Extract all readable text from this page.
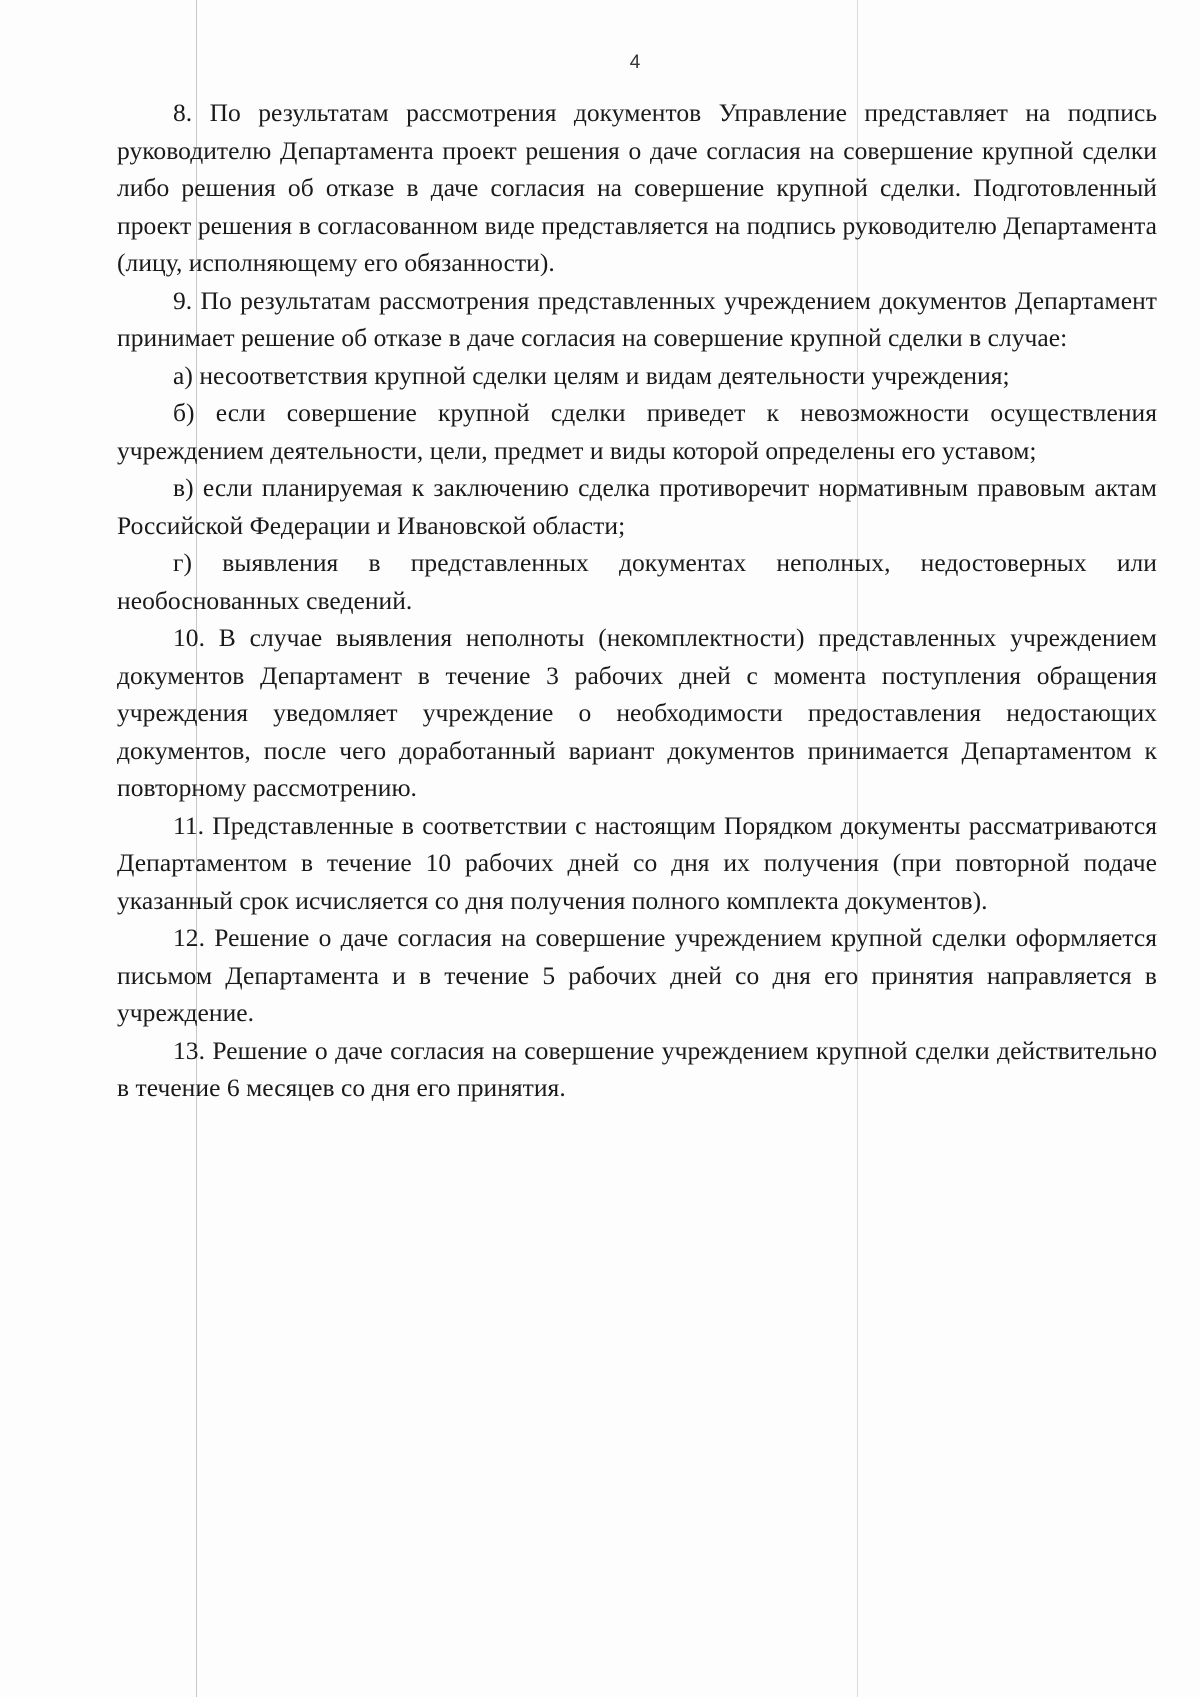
4

8. По результатам рассмотрения документов Управление представляет на подпись руководителю Департамента проект решения о даче согласия на совершение крупной сделки либо решения об отказе в даче согласия на совершение крупной сделки. Подготовленный проект решения в согласованном виде представляется на подпись руководителю Департамента (лицу, исполняющему его обязанности).

9. По результатам рассмотрения представленных учреждением документов Департамент принимает решение об отказе в даче согласия на совершение крупной сделки в случае:

а) несоответствия крупной сделки целям и видам деятельности учреждения;

б) если совершение крупной сделки приведет к невозможности осуществления учреждением деятельности, цели, предмет и виды которой определены его уставом;

в) если планируемая к заключению сделка противоречит нормативным правовым актам Российской Федерации и Ивановской области;

г) выявления в представленных документах неполных, недостоверных или необоснованных сведений.

10. В случае выявления неполноты (некомплектности) представленных учреждением документов Департамент в течение 3 рабочих дней с момента поступления обращения учреждения уведомляет учреждение о необходимости предоставления недостающих документов, после чего доработанный вариант документов принимается Департаментом к повторному рассмотрению.

11. Представленные в соответствии с настоящим Порядком документы рассматриваются Департаментом в течение 10 рабочих дней со дня их получения (при повторной подаче указанный срок исчисляется со дня получения полного комплекта документов).

12. Решение о даче согласия на совершение учреждением крупной сделки оформляется письмом Департамента и в течение 5 рабочих дней со дня его принятия направляется в учреждение.

13. Решение о даче согласия на совершение учреждением крупной сделки действительно в течение 6 месяцев со дня его принятия.
